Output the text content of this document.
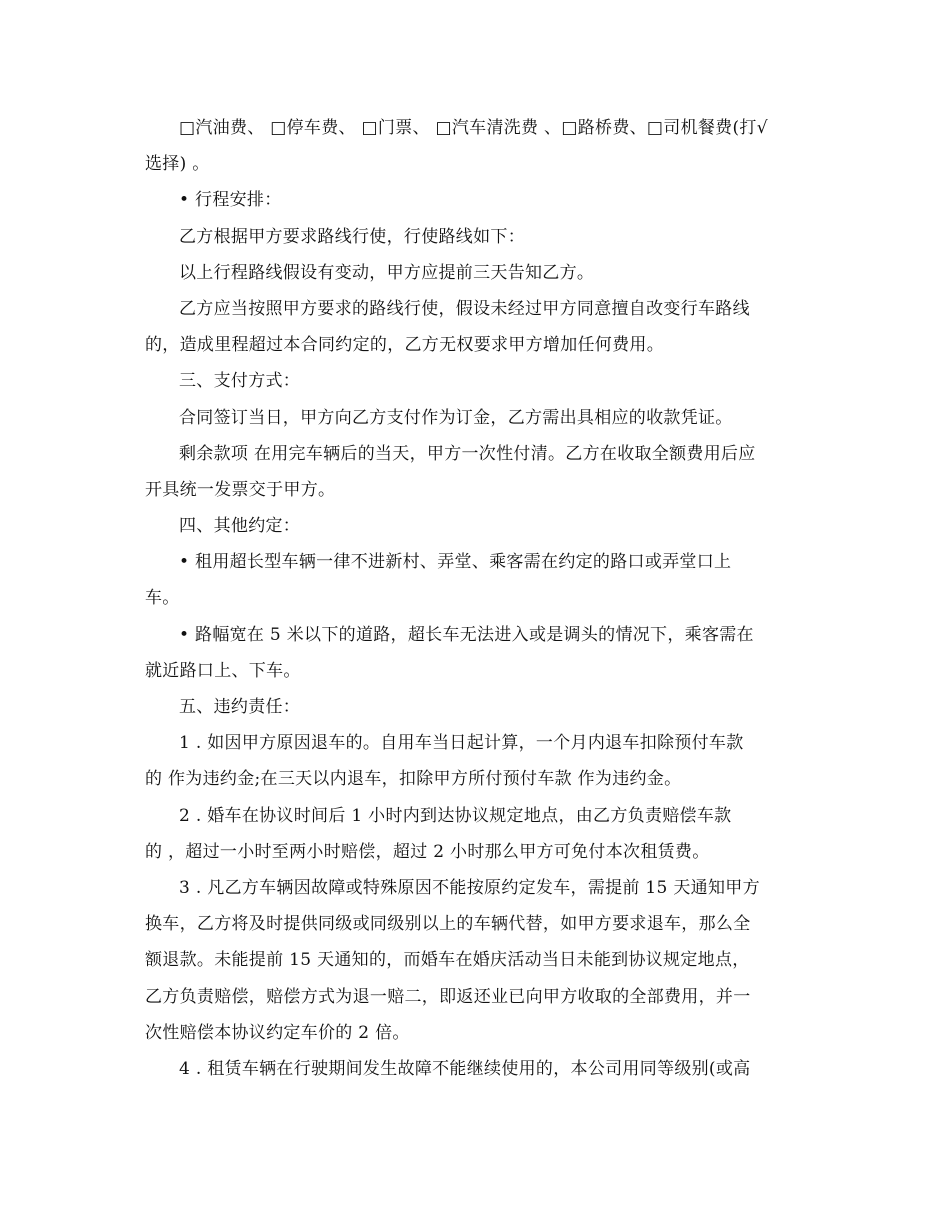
□汽油费、 □停车费、 □门票、 □汽车清洗费 、□路桥费、□司机餐费(打√
选择) 。
• 行程安排：
乙方根据甲方要求路线行使，行使路线如下：
以上行程路线假设有变动，甲方应提前三天告知乙方。
乙方应当按照甲方要求的路线行使，假设未经过甲方同意擅自改变行车路线
的，造成里程超过本合同约定的，乙方无权要求甲方增加任何费用。
三、支付方式：
合同签订当日，甲方向乙方支付作为订金，乙方需出具相应的收款凭证。
剩余款项 在用完车辆后的当天，甲方一次性付清。乙方在收取全额费用后应
开具统一发票交于甲方。
四、其他约定：
• 租用超长型车辆一律不进新村、弄堂、乘客需在约定的路口或弄堂口上
车。
• 路幅宽在 5 米以下的道路，超长车无法进入或是调头的情况下，乘客需在
就近路口上、下车。
五、违约责任：
1 . 如因甲方原因退车的。自用车当日起计算，一个月内退车扣除预付车款
的 作为违约金;在三天以内退车，扣除甲方所付预付车款 作为违约金。
2 . 婚车在协议时间后 1 小时内到达协议规定地点，由乙方负责赔偿车款
的 ，超过一小时至两小时赔偿，超过 2 小时那么甲方可免付本次租赁费。
3 . 凡乙方车辆因故障或特殊原因不能按原约定发车，需提前 15 天通知甲方
换车，乙方将及时提供同级或同级别以上的车辆代替，如甲方要求退车，那么全
额退款。未能提前 15 天通知的，而婚车在婚庆活动当日未能到协议规定地点，
乙方负责赔偿，赔偿方式为退一赔二，即返还业已向甲方收取的全部费用，并一
次性赔偿本协议约定车价的 2 倍。
4 . 租赁车辆在行驶期间发生故障不能继续使用的，本公司用同等级别(或高
